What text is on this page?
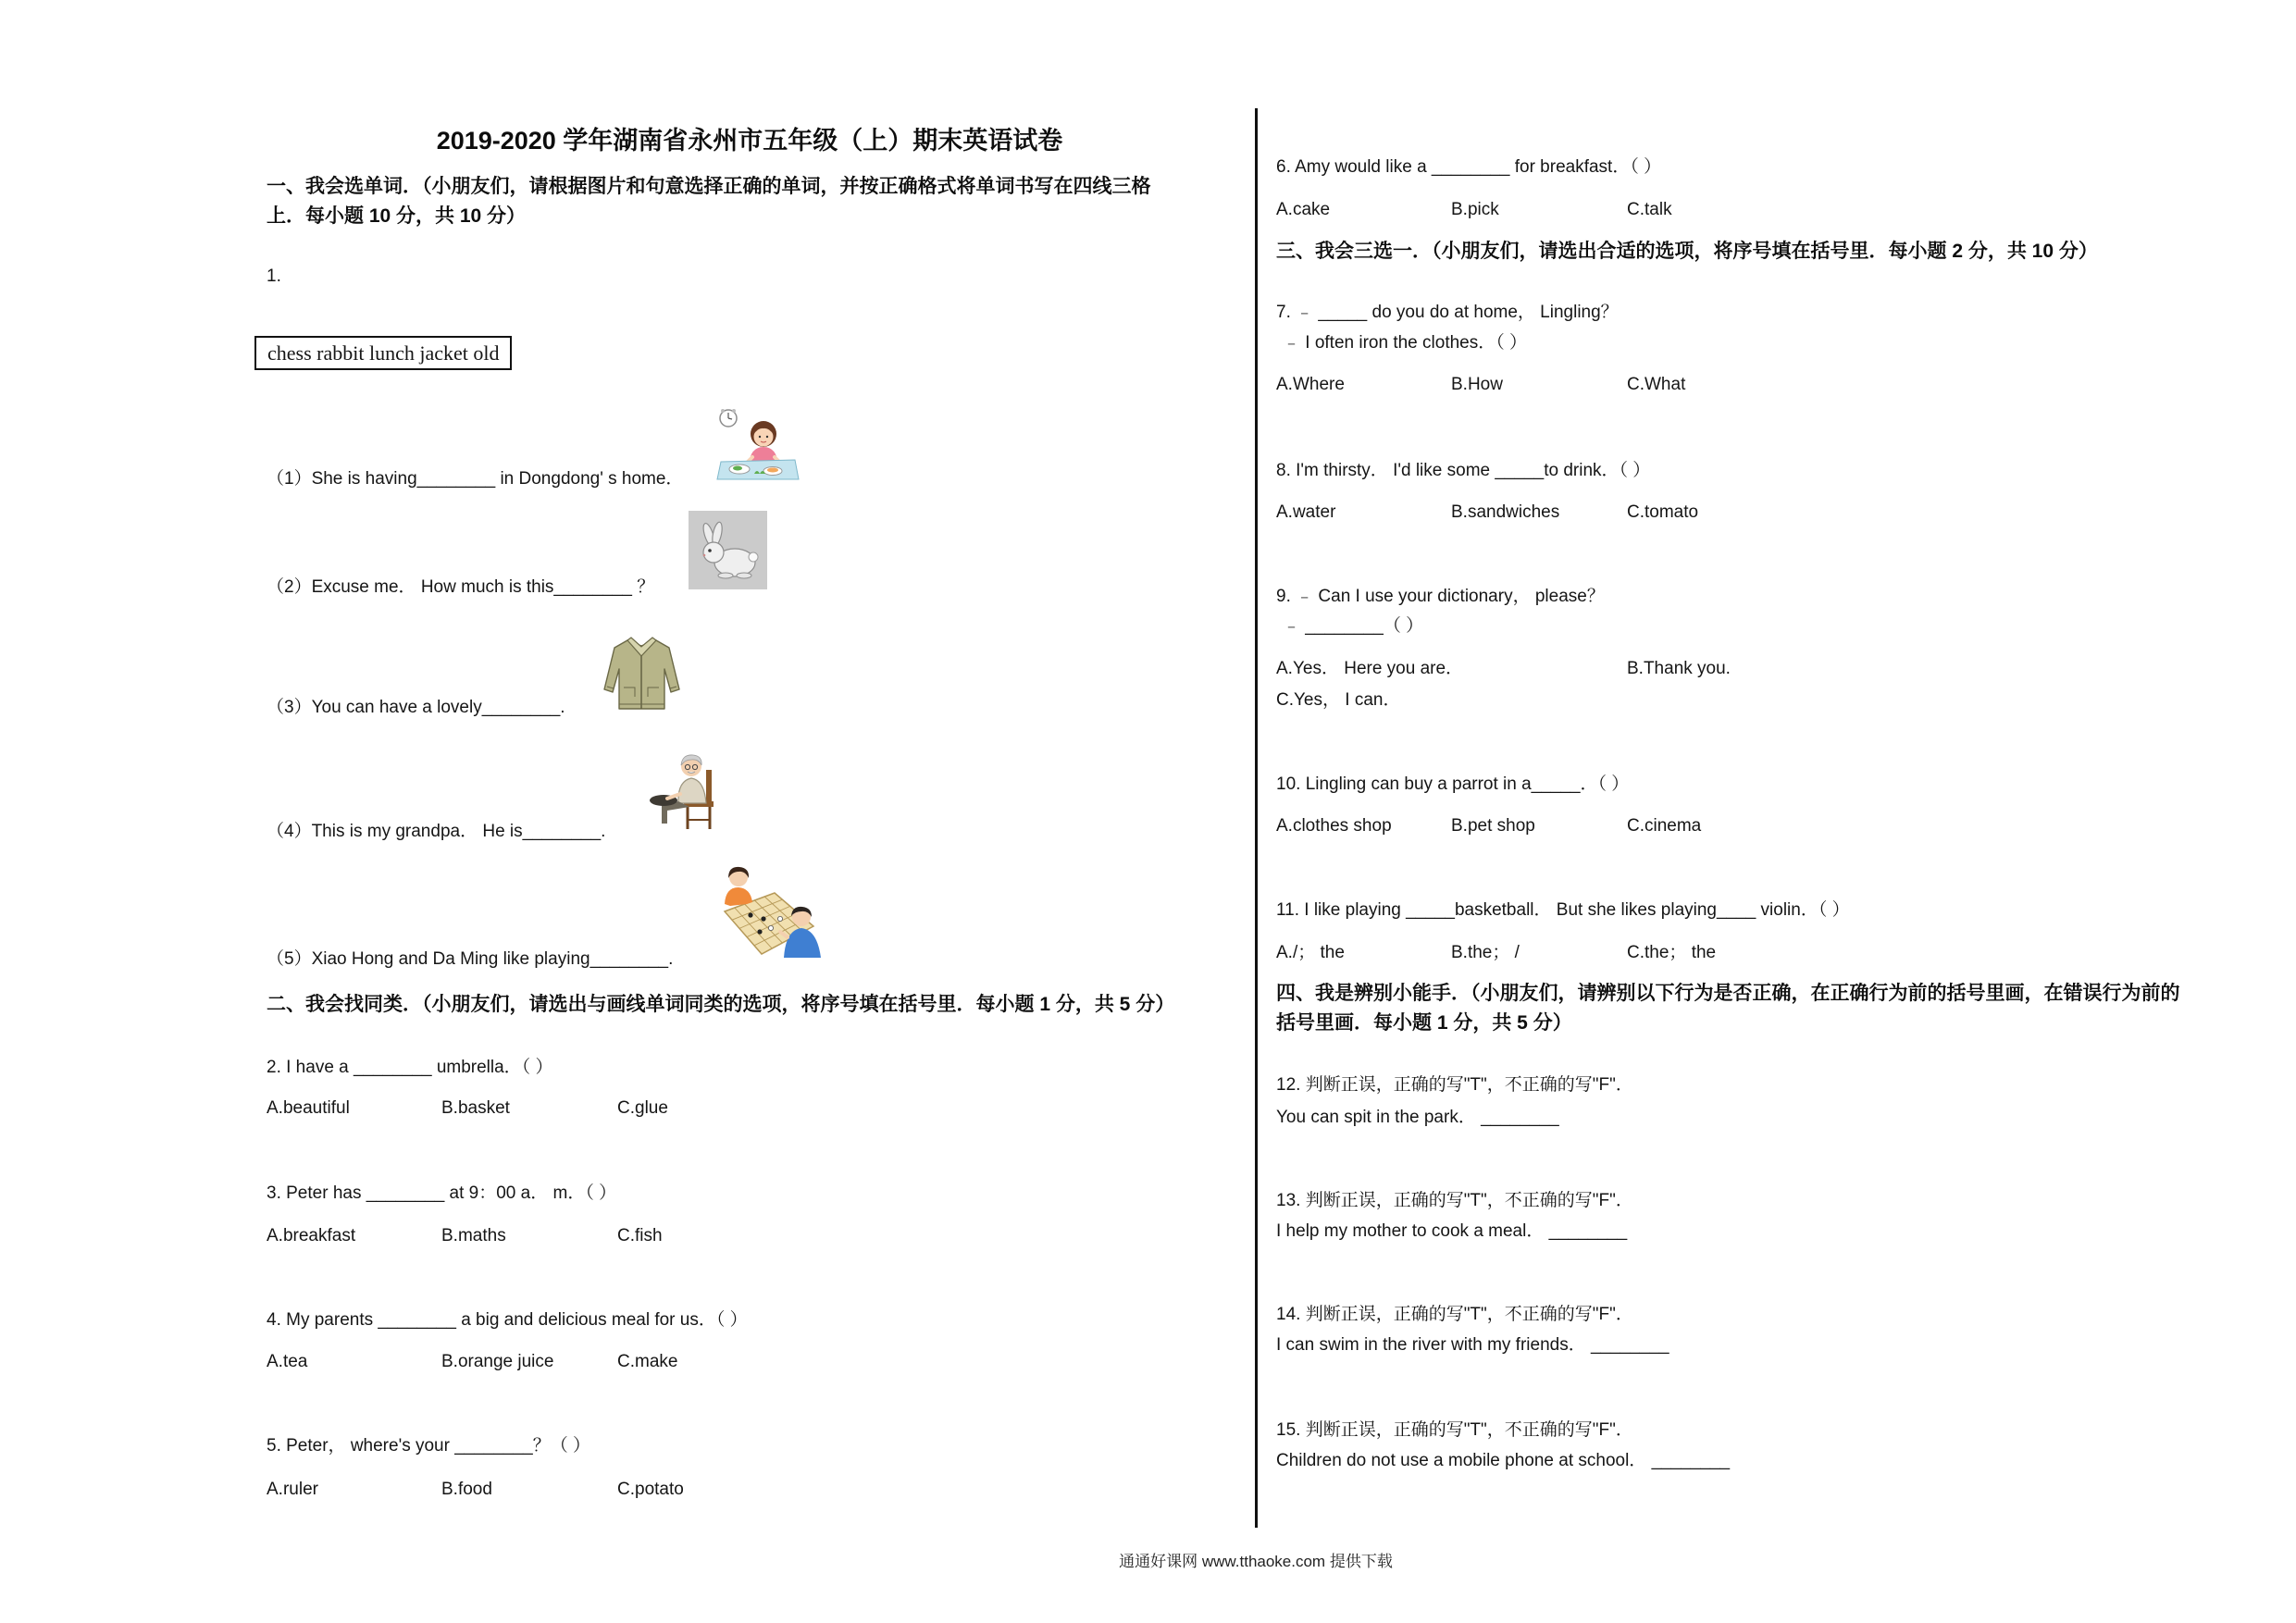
2019-2020 学年湖南省永州市五年级（上）期末英语试卷
一、我会选单词．（小朋友们，请根据图片和句意选择正确的单词，并按正确格式将单词书写在四线三格
上．每小题 10 分，共 10 分）
1.
chess rabbit lunch jacket old
（1）She is having________ in Dongdong' s home．
（2）Excuse me． How much is this________ ？
（3）You can have a lovely________.
（4）This is my grandpa． He is________.
（5）Xiao Hong and Da Ming like playing________.
二、我会找同类．（小朋友们，请选出与画线单词同类的选项，将序号填在括号里．每小题 1 分，共 5 分）
2. I have a ________ umbrella．（ ）
A.beautiful	B.basket	C.glue
3. Peter has ________ at 9：00 a． m．（ ）
A.breakfast	B.maths	C.fish
4. My parents ________ a big and delicious meal for us．（ ）
A.tea	B.orange juice	C.make
5. Peter， where's your ________？（ ）
A.ruler	B.food	C.potato
6. Amy would like a ________ for breakfast．（ ）
A.cake	B.pick	C.talk
三、我会三选一．（小朋友们，请选出合适的选项，将序号填在括号里．每小题 2 分，共 10 分）
7. ﹣ _____ do you do at home， Lingling？
﹣ I often iron the clothes．（ ）
A.Where	B.How	C.What
8. I'm thirsty． I'd like some _____to drink．（ ）
A.water	B.sandwiches	C.tomato
9. ﹣ Can I use your dictionary， please？
﹣ ________（ ）
A.Yes． Here you are．	B.Thank you.
C.Yes， I can．
10. Lingling can buy a parrot in a_____．（ ）
A.clothes shop	B.pet shop	C.cinema
11. I like playing _____basketball． But she likes playing____ violin．（ ）
A./； the	B.the； /	C.the； the
四、我是辨别小能手．（小朋友们，请辨别以下行为是否正确，在正确行为前的括号里画，在错误行为前的
括号里画．每小题 1 分，共 5 分）
12. 判断正误，正确的写"T"，不正确的写"F"．
You can spit in the park． ________
13. 判断正误，正确的写"T"，不正确的写"F"．
I help my mother to cook a meal． ________
14. 判断正误，正确的写"T"，不正确的写"F"．
I can swim in the river with my friends． ________
15. 判断正误，正确的写"T"，不正确的写"F"．
Children do not use a mobile phone at school． ________
通通好课网 www.tthaoke.com 提供下载
